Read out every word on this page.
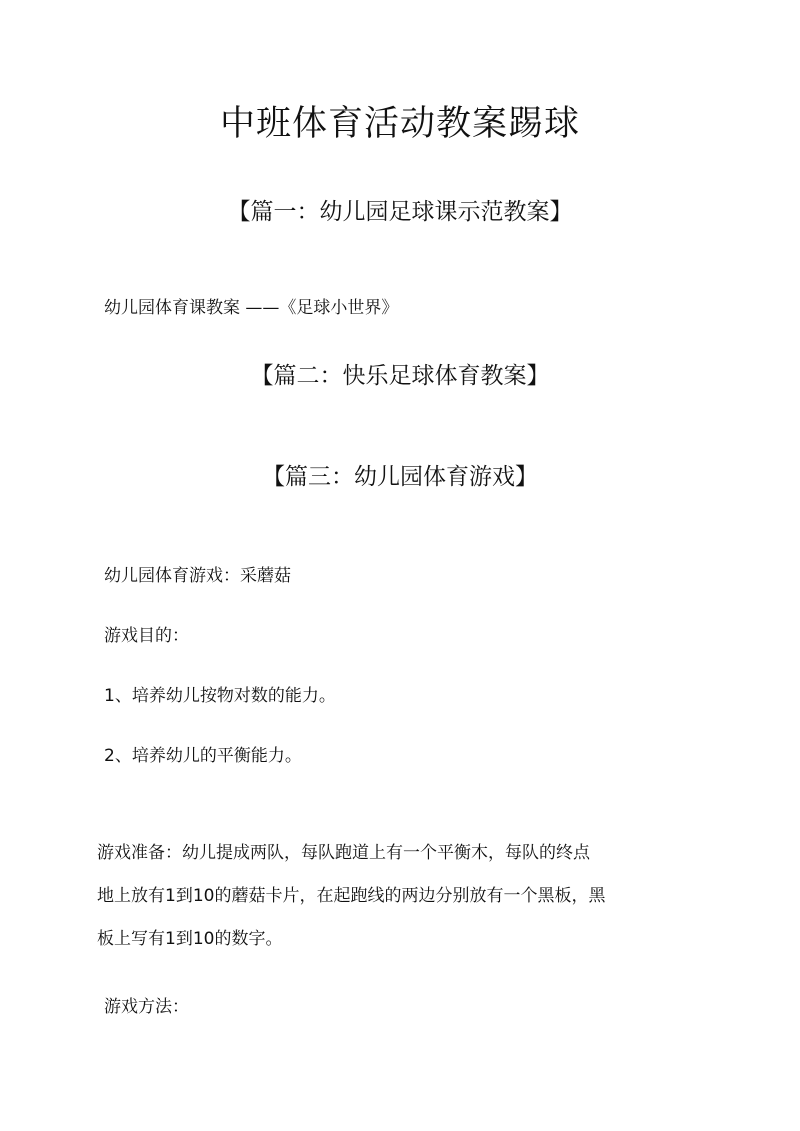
中班体育活动教案踢球
【篇一：幼儿园足球课示范教案】

幼儿园体育课教案 ——《足球小世界》

【篇二：快乐足球体育教案】
【篇三：幼儿园体育游戏】

幼儿园体育游戏：采蘑菇

游戏目的：

1、培养幼儿按物对数的能力。

2、培养幼儿的平衡能力。

游戏准备：幼儿提成两队，每队跑道上有一个平衡木，每队的终点
地上放有1到10的蘑菇卡片，在起跑线的两边分别放有一个黑板，黑
板上写有1到10的数字。

游戏方法：
